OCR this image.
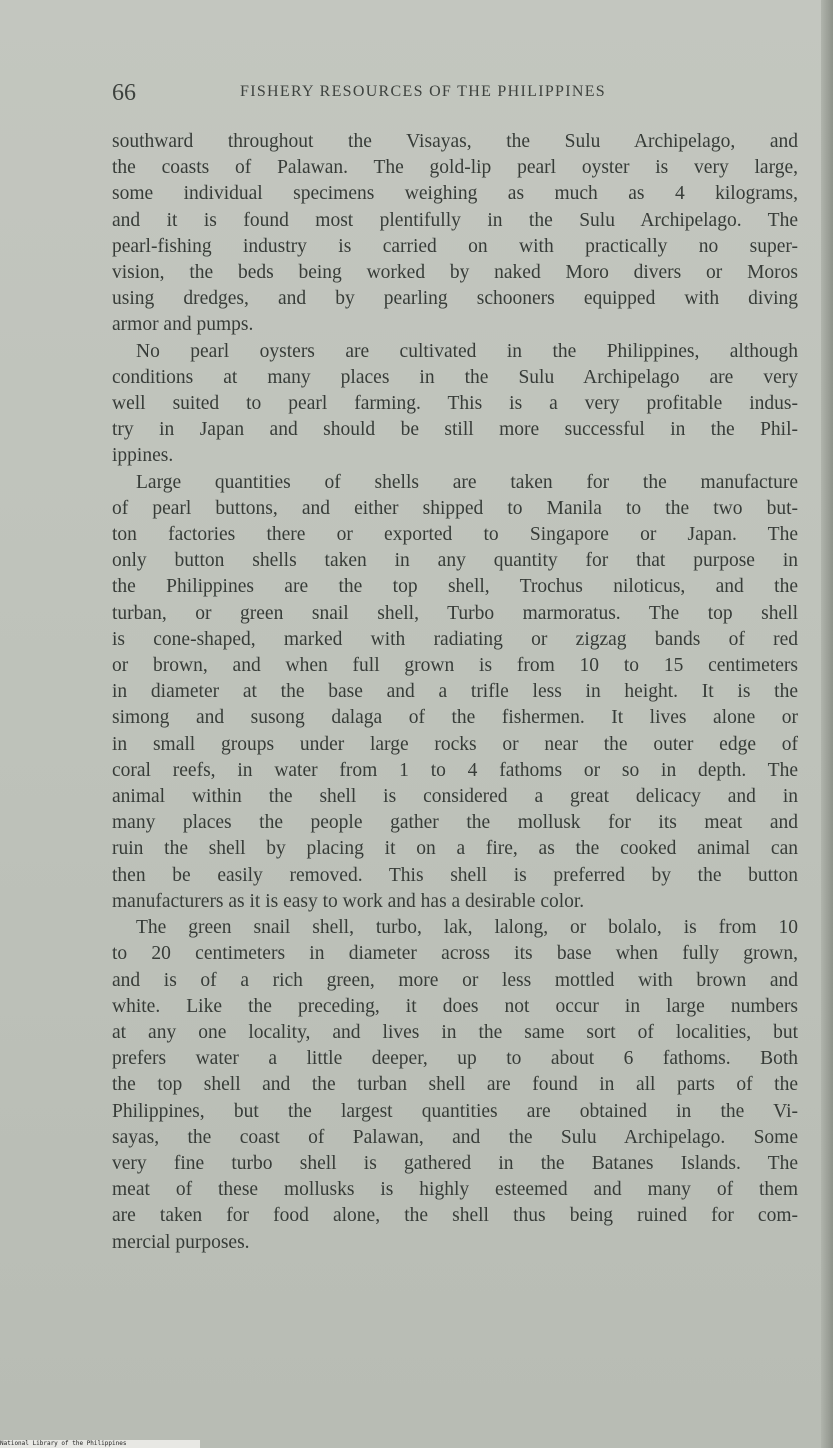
66	FISHERY RESOURCES OF THE PHILIPPINES

southward throughout the Visayas, the Sulu Archipelago, and
the coasts of Palawan. The gold-lip pearl oyster is very large,
some individual specimens weighing as much as 4 kilograms,
and it is found most plentifully in the Sulu Archipelago. The
pearl-fishing industry is carried on with practically no super-
vision, the beds being worked by naked Moro divers or Moros
using dredges, and by pearling schooners equipped with diving
armor and pumps.

No pearl oysters are cultivated in the Philippines, although
conditions at many places in the Sulu Archipelago are very
well suited to pearl farming. This is a very profitable indus-
try in Japan and should be still more successful in the Phil-
ippines.

Large quantities of shells are taken for the manufacture
of pearl buttons, and either shipped to Manila to the two but-
ton factories there or exported to Singapore or Japan. The
only button shells taken in any quantity for that purpose in
the Philippines are the top shell, Trochus niloticus, and the
turban, or green snail shell, Turbo marmoratus. The top shell
is cone-shaped, marked with radiating or zigzag bands of red
or brown, and when full grown is from 10 to 15 centimeters
in diameter at the base and a trifle less in height. It is the
simong and susong dalaga of the fishermen. It lives alone or
in small groups under large rocks or near the outer edge of
coral reefs, in water from 1 to 4 fathoms or so in depth. The
animal within the shell is considered a great delicacy and in
many places the people gather the mollusk for its meat and
ruin the shell by placing it on a fire, as the cooked animal can
then be easily removed. This shell is preferred by the button
manufacturers as it is easy to work and has a desirable color.

The green snail shell, turbo, lak, lalong, or bolalo, is from 10
to 20 centimeters in diameter across its base when fully grown,
and is of a rich green, more or less mottled with brown and
white. Like the preceding, it does not occur in large numbers
at any one locality, and lives in the same sort of localities, but
prefers water a little deeper, up to about 6 fathoms. Both
the top shell and the turban shell are found in all parts of the
Philippines, but the largest quantities are obtained in the Vi-
sayas, the coast of Palawan, and the Sulu Archipelago. Some
very fine turbo shell is gathered in the Batanes Islands. The
meat of these mollusks is highly esteemed and many of them
are taken for food alone, the shell thus being ruined for com-
mercial purposes.

National Library of the Philippines
